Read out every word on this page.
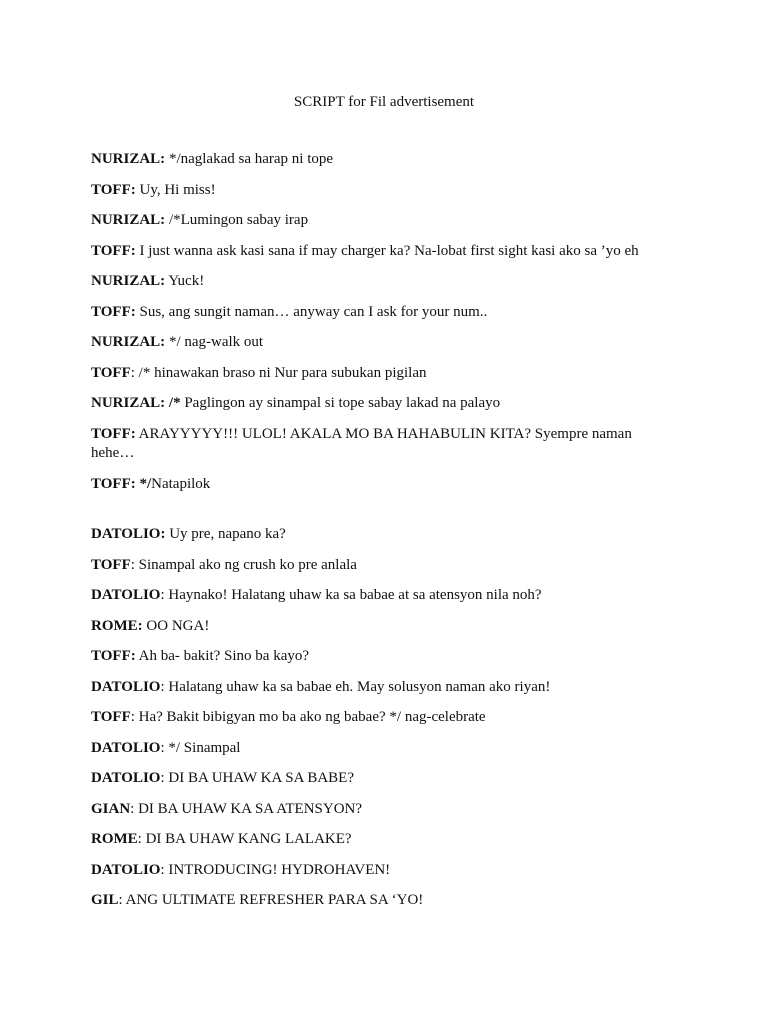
SCRIPT for Fil advertisement

NURIZAL: */naglakad sa harap ni tope

TOFF: Uy, Hi miss!

NURIZAL: /*Lumingon sabay irap

TOFF: I just wanna ask kasi sana if may charger ka? Na-lobat first sight kasi ako sa ’yo eh

NURIZAL: Yuck!

TOFF: Sus, ang sungit naman… anyway can I ask for your num..

NURIZAL: */ nag-walk out

TOFF: /* hinawakan braso ni Nur para subukan pigilan

NURIZAL: /* Paglingon ay sinampal si tope sabay lakad na palayo

TOFF: ARAYYYYY!!! ULOL! AKALA MO BA HAHABULIN KITA? Syempre naman hehe…

TOFF: */Natapilok

DATOLIO: Uy pre, napano ka?

TOFF: Sinampal ako ng crush ko pre anlala

DATOLIO: Haynako! Halatang uhaw ka sa babae at sa atensyon nila noh?

ROME: OO NGA!

TOFF: Ah ba- bakit? Sino ba kayo?

DATOLIO: Halatang uhaw ka sa babae eh. May solusyon naman ako riyan!

TOFF: Ha? Bakit bibigyan mo ba ako ng babae? */ nag-celebrate

DATOLIO: */ Sinampal

DATOLIO: DI BA UHAW KA SA BABE?

GIAN: DI BA UHAW KA SA ATENSYON?

ROME: DI BA UHAW KANG LALAKE?

DATOLIO: INTRODUCING! HYDROHAVEN!

GIL: ANG ULTIMATE REFRESHER PARA SA ‘YO!
